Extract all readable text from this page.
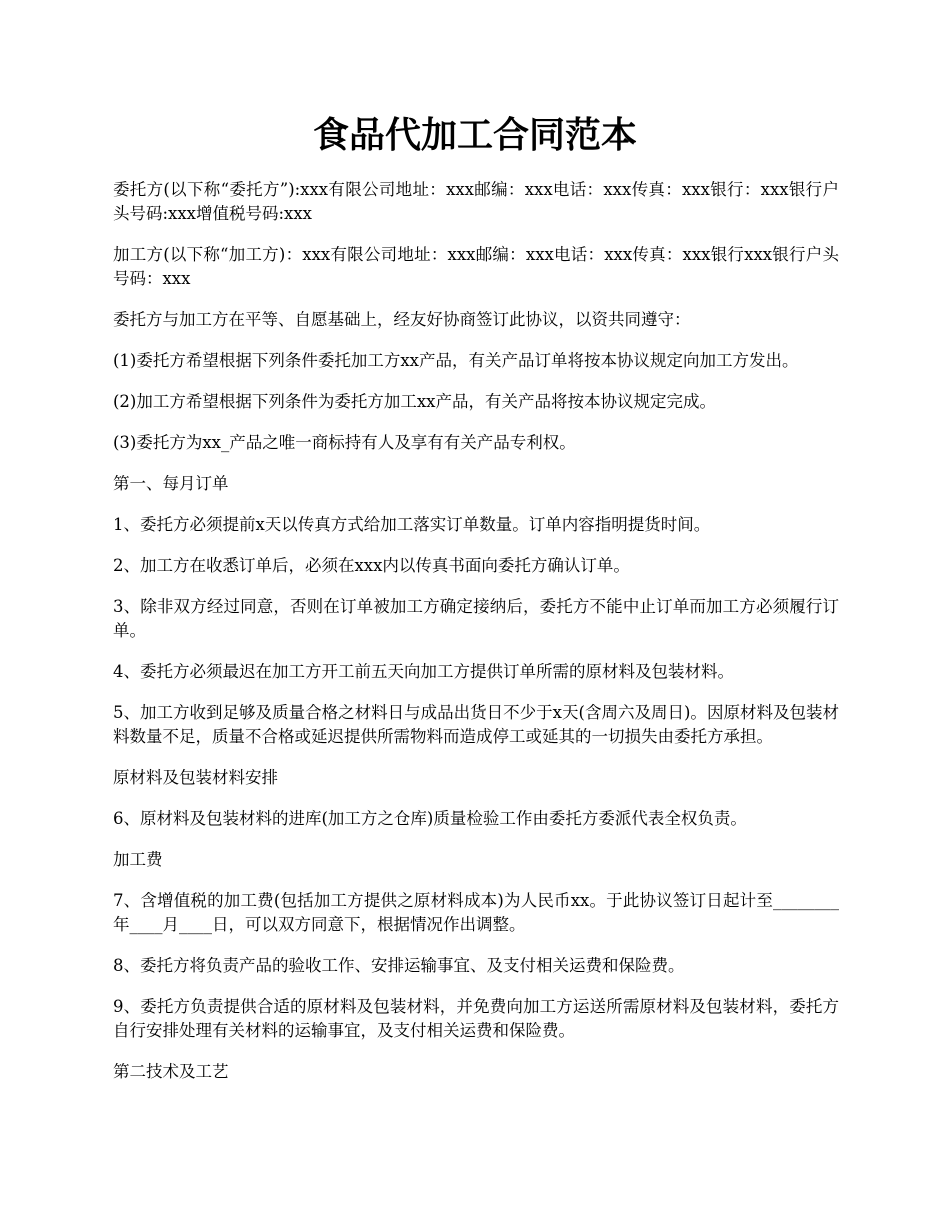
食品代加工合同范本

委托方(以下称“委托方”):xxx有限公司地址：xxx邮编：xxx电话：xxx传真：xxx银行：xxx银行户头号码:xxx增值税号码:xxx

加工方(以下称“加工方)：xxx有限公司地址：xxx邮编：xxx电话：xxx传真：xxx银行xxx银行户头号码：xxx

委托方与加工方在平等、自愿基础上，经友好协商签订此协议，以资共同遵守：

(1)委托方希望根据下列条件委托加工方xx产品，有关产品订单将按本协议规定向加工方发出。

(2)加工方希望根据下列条件为委托方加工xx产品，有关产品将按本协议规定完成。

(3)委托方为xx_产品之唯一商标持有人及享有有关产品专利权。

第一、每月订单

1、委托方必须提前x天以传真方式给加工落实订单数量。订单内容指明提货时间。

2、加工方在收悉订单后，必须在xxx内以传真书面向委托方确认订单。

3、除非双方经过同意，否则在订单被加工方确定接纳后，委托方不能中止订单而加工方必须履行订单。

4、委托方必须最迟在加工方开工前五天向加工方提供订单所需的原材料及包装材料。

5、加工方收到足够及质量合格之材料日与成品出货日不少于x天(含周六及周日)。因原材料及包装材料数量不足，质量不合格或延迟提供所需物料而造成停工或延其的一切损失由委托方承担。

原材料及包装材料安排

6、原材料及包装材料的进库(加工方之仓库)质量检验工作由委托方委派代表全权负责。

加工费

7、含增值税的加工费(包括加工方提供之原材料成本)为人民币xx。于此协议签订日起计至________年____月____日，可以双方同意下，根据情况作出调整。

8、委托方将负责产品的验收工作、安排运输事宜、及支付相关运费和保险费。

9、委托方负责提供合适的原材料及包装材料，并免费向加工方运送所需原材料及包装材料，委托方自行安排处理有关材料的运输事宜，及支付相关运费和保险费。

第二技术及工艺
